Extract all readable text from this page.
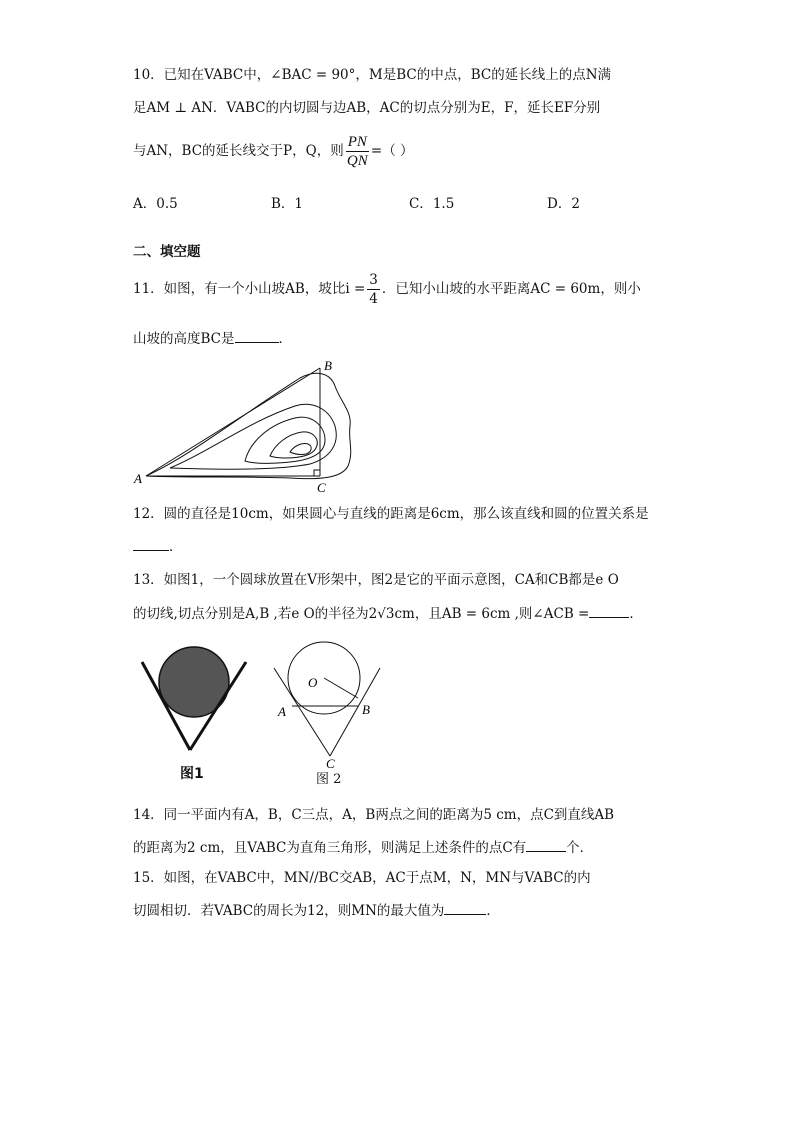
10．已知在VABC中，∠BAC = 90°，M是BC的中点，BC的延长线上的点N满
足AM ⊥ AN．VABC的内切圆与边AB，AC的切点分别为E，F，延长EF分别
与AN，BC的延长线交于P，Q，则 $\frac{PN}{QN}$ =（ ）
A．0.5	B．1	C．1.5	D．2
二、填空题
11．如图，有一个小山坡AB，坡比$i = \frac{3}{4}$ ．已知小山坡的水平距离AC = 60m，则小
山坡的高度BC是	．
A
B
C
12．圆的直径是10cm，如果圆心与直线的距离是6cm，那么该直线和圆的位置关系是
．
13．如图1，一个圆球放置在V形架中，图2是它的平面示意图，CA和CB都是e O
的切线,切点分别是A,B ,若e O的半径为2√3cm，且AB = 6cm ,则∠ACB =	．
图1
O
A	B
C
图 2
14．同一平面内有A，B，C三点，A，B两点之间的距离为5 cm，点C到直线AB
的距离为2 cm，且VABC为直角三角形，则满足上述条件的点C有	个．
15．如图，在VABC中，MN//BC交AB，AC于点M，N，MN与VABC的内
切圆相切．若VABC的周长为12，则MN的最大值为	．
